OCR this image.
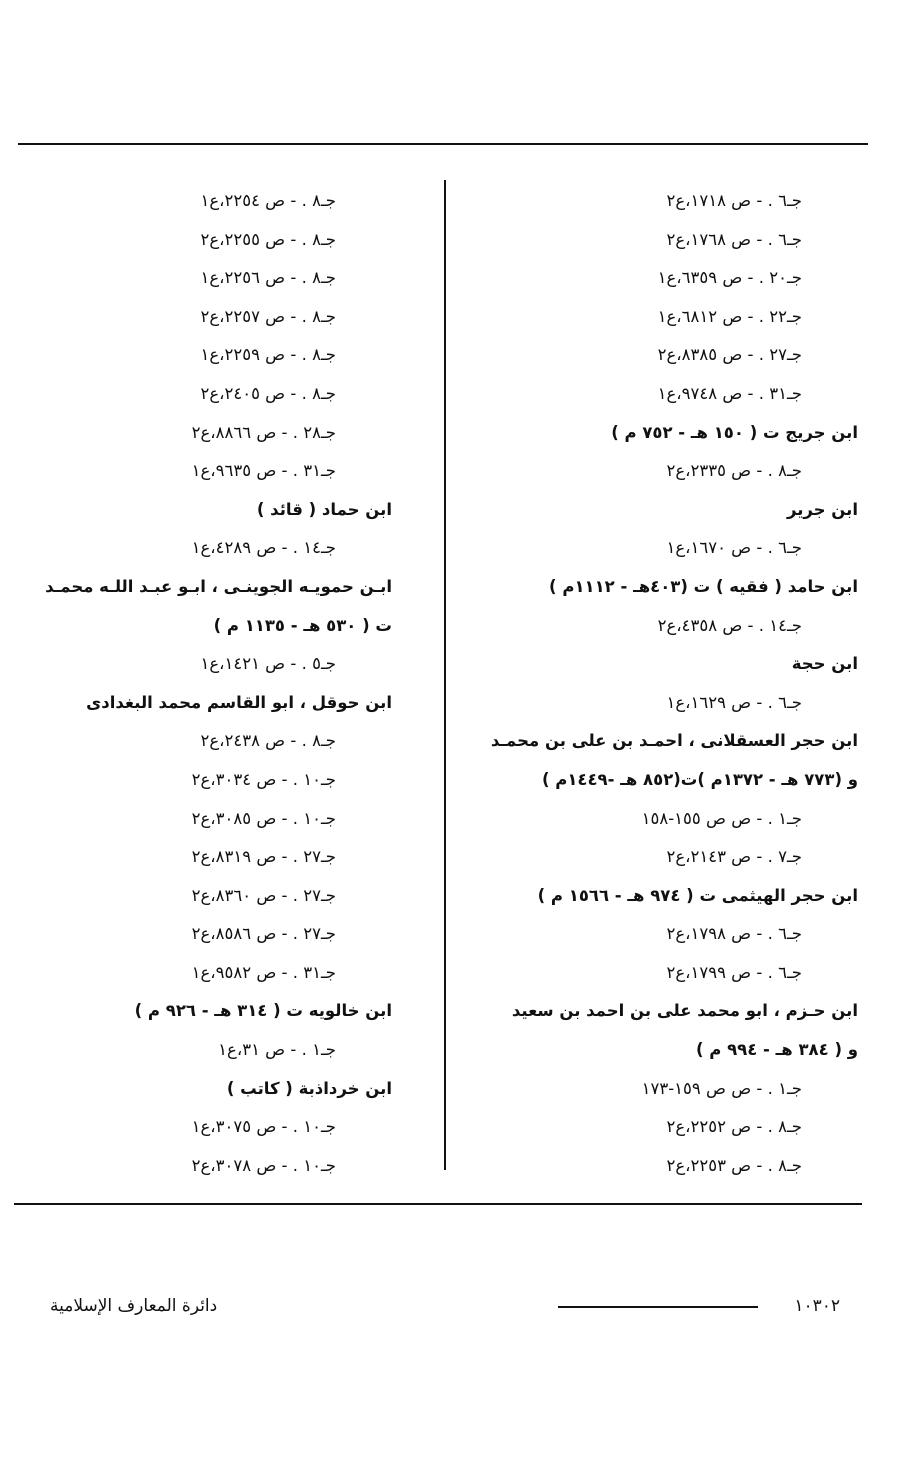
جـ٦ . - ص ١٧١٨،ع٢
جـ٦ . - ص ١٧٦٨،ع٢
جـ٢٠ . - ص ٦٣٥٩،ع١
جـ٢٢ . - ص ٦٨١٢،ع١
جـ٢٧ . - ص ٨٣٨٥،ع٢
جـ٣١ . - ص ٩٧٤٨،ع١
ابن جريج ت ( ١٥٠ هـ - ٧٥٢ م )
جـ٨ . - ص ٢٣٣٥،ع٢
ابن جرير
جـ٦ . - ص ١٦٧٠،ع١
ابن حامد ( فقيه ) ت (٤٠٣هـ - ١١١٢م )
جـ١٤ . - ص ٤٣٥٨،ع٢
ابن حجة
جـ٦ . - ص ١٦٢٩،ع١
ابن حجر العسقلانى ، احمـد بن على بن محمـد
و (٧٧٣ هـ - ١٣٧٢م )ت(٨٥٢ هـ -١٤٤٩م )
جـ١ . - ص ص ١٥٥-١٥٨
جـ٧ . - ص ٢١٤٣،ع٢
ابن حجر الهيثمى ت ( ٩٧٤ هـ - ١٥٦٦ م )
جـ٦ . - ص ١٧٩٨،ع٢
جـ٦ . - ص ١٧٩٩،ع٢
ابن حـزم ، ابو محمد على بن احمد بن سعيد
و ( ٣٨٤ هـ - ٩٩٤ م )
جـ١ . - ص ص ١٥٩-١٧٣
جـ٨ . - ص ٢٢٥٢،ع٢
جـ٨ . - ص ٢٢٥٣،ع٢
جـ٨ . - ص ٢٢٥٤،ع١
جـ٨ . - ص ٢٢٥٥،ع٢
جـ٨ . - ص ٢٢٥٦،ع١
جـ٨ . - ص ٢٢٥٧،ع٢
جـ٨ . - ص ٢٢٥٩،ع١
جـ٨ . - ص ٢٤٠٥،ع٢
جـ٢٨ . - ص ٨٨٦٦،ع٢
جـ٣١ . - ص ٩٦٣٥،ع١
ابن حماد ( قائد )
جـ١٤ . - ص ٤٢٨٩،ع١
ابـن حمويـه الجوينـى ، ابـو عبـد اللـه محمـد
ت ( ٥٣٠ هـ - ١١٣٥ م )
جـ٥ . - ص ١٤٢١،ع١
ابن حوقل ، ابو القاسم محمد البغدادى
جـ٨ . - ص ٢٤٣٨،ع٢
جـ١٠ . - ص ٣٠٣٤،ع٢
جـ١٠ . - ص ٣٠٨٥،ع٢
جـ٢٧ . - ص ٨٣١٩،ع٢
جـ٢٧ . - ص ٨٣٦٠،ع٢
جـ٢٧ . - ص ٨٥٨٦،ع٢
جـ٣١ . - ص ٩٥٨٢،ع١
ابن خالويه ت ( ٣١٤ هـ - ٩٢٦ م )
جـ١ . - ص ٣١،ع١
ابن خرداذبة ( كاتب )
جـ١٠ . - ص ٣٠٧٥،ع١
جـ١٠ . - ص ٣٠٧٨،ع٢
١٠٣٠٢
دائرة المعارف الإسلامية
